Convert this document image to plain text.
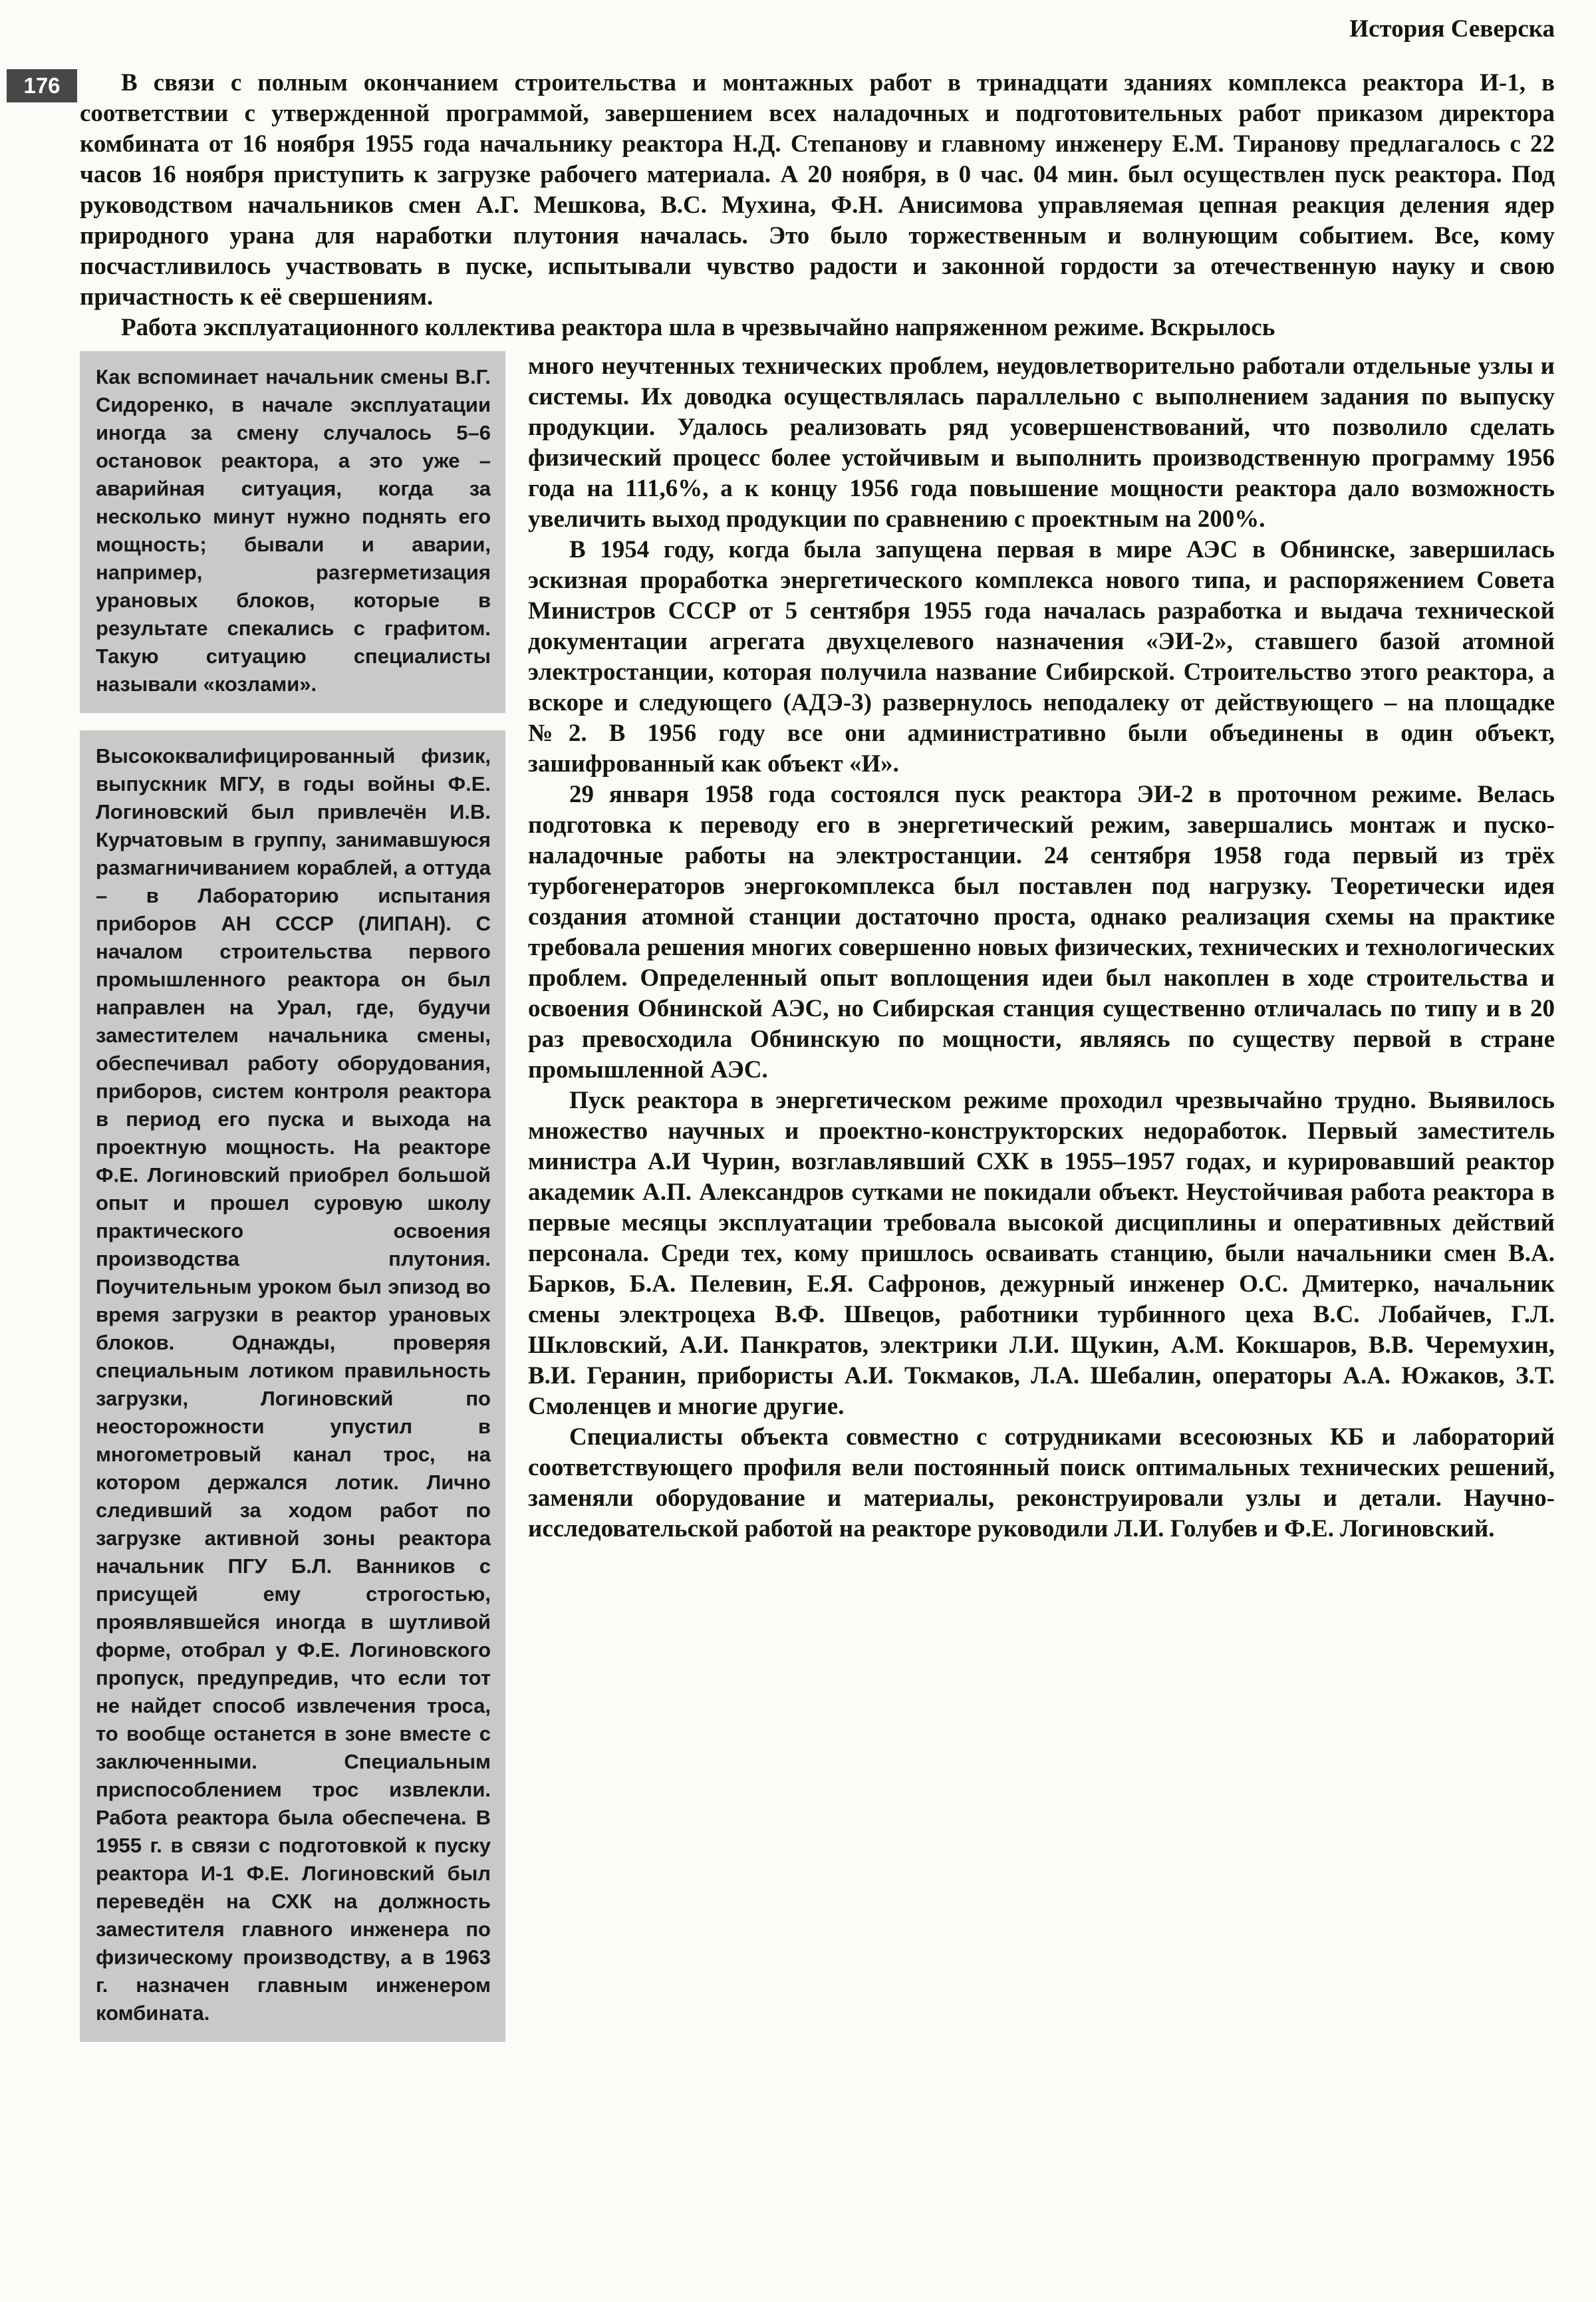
История Северска
176	В связи с полным окончанием строительства и монтажных работ в тринадцати зданиях комплекса реактора И-1, в соответствии с утвержденной программой, завершением всех наладочных и подготовительных работ приказом директора комбината от 16 ноября 1955 года начальнику реактора Н.Д. Степанову и главному инженеру Е.М. Тиранову предлагалось с 22 часов 16 ноября приступить к загрузке рабочего материала. А 20 ноября, в 0 час. 04 мин. был осуществлен пуск реактора. Под руководством начальников смен А.Г. Мешкова, В.С. Мухина, Ф.Н. Анисимова управляемая цепная реакция деления ядер природного урана для наработки плутония началась. Это было торжественным и волнующим событием. Все, кому посчастливилось участвовать в пуске, испытывали чувство радости и законной гордости за отечественную науку и свою причастность к её свершениям.

Работа эксплуатационного коллектива реактора шла в чрезвычайно напряженном режиме. Вскрылось

Как вспоминает начальник смены В.Г. Сидоренко, в начале эксплуатации иногда за смену случалось 5–6 остановок реактора, а это уже – аварийная ситуация, когда за несколько минут нужно поднять его мощность; бывали и аварии, например, разгерметизация урановых блоков, которые в результате спекались с графитом. Такую ситуацию специалисты называли «козлами».

Высококвалифицированный физик, выпускник МГУ, в годы войны Ф.Е. Логиновский был привлечён И.В. Курчатовым в группу, занимавшуюся размагничиванием кораблей, а оттуда – в Лабораторию испытания приборов АН СССР (ЛИПАН). С началом строительства первого промышленного реактора он был направлен на Урал, где, будучи заместителем начальника смены, обеспечивал работу оборудования, приборов, систем контроля реактора в период его пуска и выхода на проектную мощность. На реакторе Ф.Е. Логиновский приобрел большой опыт и прошел суровую школу практического освоения производства плутония. Поучительным уроком был эпизод во время загрузки в реактор урановых блоков. Однажды, проверяя специальным лотиком правильность загрузки, Логиновский по неосторожности упустил в многометровый канал трос, на котором держался лотик. Лично следивший за ходом работ по загрузке активной зоны реактора начальник ПГУ Б.Л. Ванников с присущей ему строгостью, проявлявшейся иногда в шутливой форме, отобрал у Ф.Е. Логиновского пропуск, предупредив, что если тот не найдет способ извлечения троса, то вообще останется в зоне вместе с заключенными. Специальным приспособлением трос извлекли. Работа реактора была обеспечена. В 1955 г. в связи с подготовкой к пуску реактора И-1 Ф.Е. Логиновский был переведён на СХК на должность заместителя главного инженера по физическому производству, а в 1963 г. назначен главным инженером комбината.

много неучтенных технических проблем, неудовлетворительно работали отдельные узлы и системы. Их доводка осуществлялась параллельно с выполнением задания по выпуску продукции. Удалось реализовать ряд усовершенствований, что позволило сделать физический процесс более устойчивым и выполнить производственную программу 1956 года на 111,6%, а к концу 1956 года повышение мощности реактора дало возможность увеличить выход продукции по сравнению с проектным на 200%.

В 1954 году, когда была запущена первая в мире АЭС в Обнинске, завершилась эскизная проработка энергетического комплекса нового типа, и распоряжением Совета Министров СССР от 5 сентября 1955 года началась разработка и выдача технической документации агрегата двухцелевого назначения «ЭИ-2», ставшего базой атомной электростанции, которая получила название Сибирской. Строительство этого реактора, а вскоре и следующего (АДЭ-3) развернулось неподалеку от действующего – на площадке №2. В 1956 году все они административно были объединены в один объект, зашифрованный как объект «И».

29 января 1958 года состоялся пуск реактора ЭИ-2 в проточном режиме. Велась подготовка к переводу его в энергетический режим, завершались монтаж и пуско-наладочные работы на электростанции. 24 сентября 1958 года первый из трёх турбогенераторов энергокомплекса был поставлен под нагрузку. Теоретически идея создания атомной станции достаточно проста, однако реализация схемы на практике требовала решения многих совершенно новых физических, технических и технологических проблем. Определенный опыт воплощения идеи был накоплен в ходе строительства и освоения Обнинской АЭС, но Сибирская станция существенно отличалась по типу и в 20 раз превосходила Обнинскую по мощности, являясь по существу первой в стране промышленной АЭС.

Пуск реактора в энергетическом режиме проходил чрезвычайно трудно. Выявилось множество научных и проектно-конструкторских недоработок. Первый заместитель министра А.И Чурин, возглавлявший СХК в 1955–1957 годах, и курировавший реактор академик А.П. Александров сутками не покидали объект. Неустойчивая работа реактора в первые месяцы эксплуатации требовала высокой дисциплины и оперативных действий персонала. Среди тех, кому пришлось осваивать станцию, были начальники смен В.А. Барков, Б.А. Пелевин, Е.Я. Сафронов, дежурный инженер О.С. Дмитерко, начальник смены электроцеха В.Ф. Швецов, работники турбинного цеха В.С. Лобайчев, Г.Л. Шкловский, А.И. Панкратов, электрики Л.И. Щукин, А.М. Кокшаров, В.В. Черемухин, В.И. Геранин, прибористы А.И. Токмаков, Л.А. Шебалин, операторы А.А. Южаков, З.Т. Смоленцев и многие другие.

Специалисты объекта совместно с сотрудниками всесоюзных КБ и лабораторий соответствующего профиля вели постоянный поиск оптимальных технических решений, заменяли оборудование и материалы, реконструировали узлы и детали. Научно-исследовательской работой на реакторе руководили Л.И. Голубев и Ф.Е. Логиновский.
